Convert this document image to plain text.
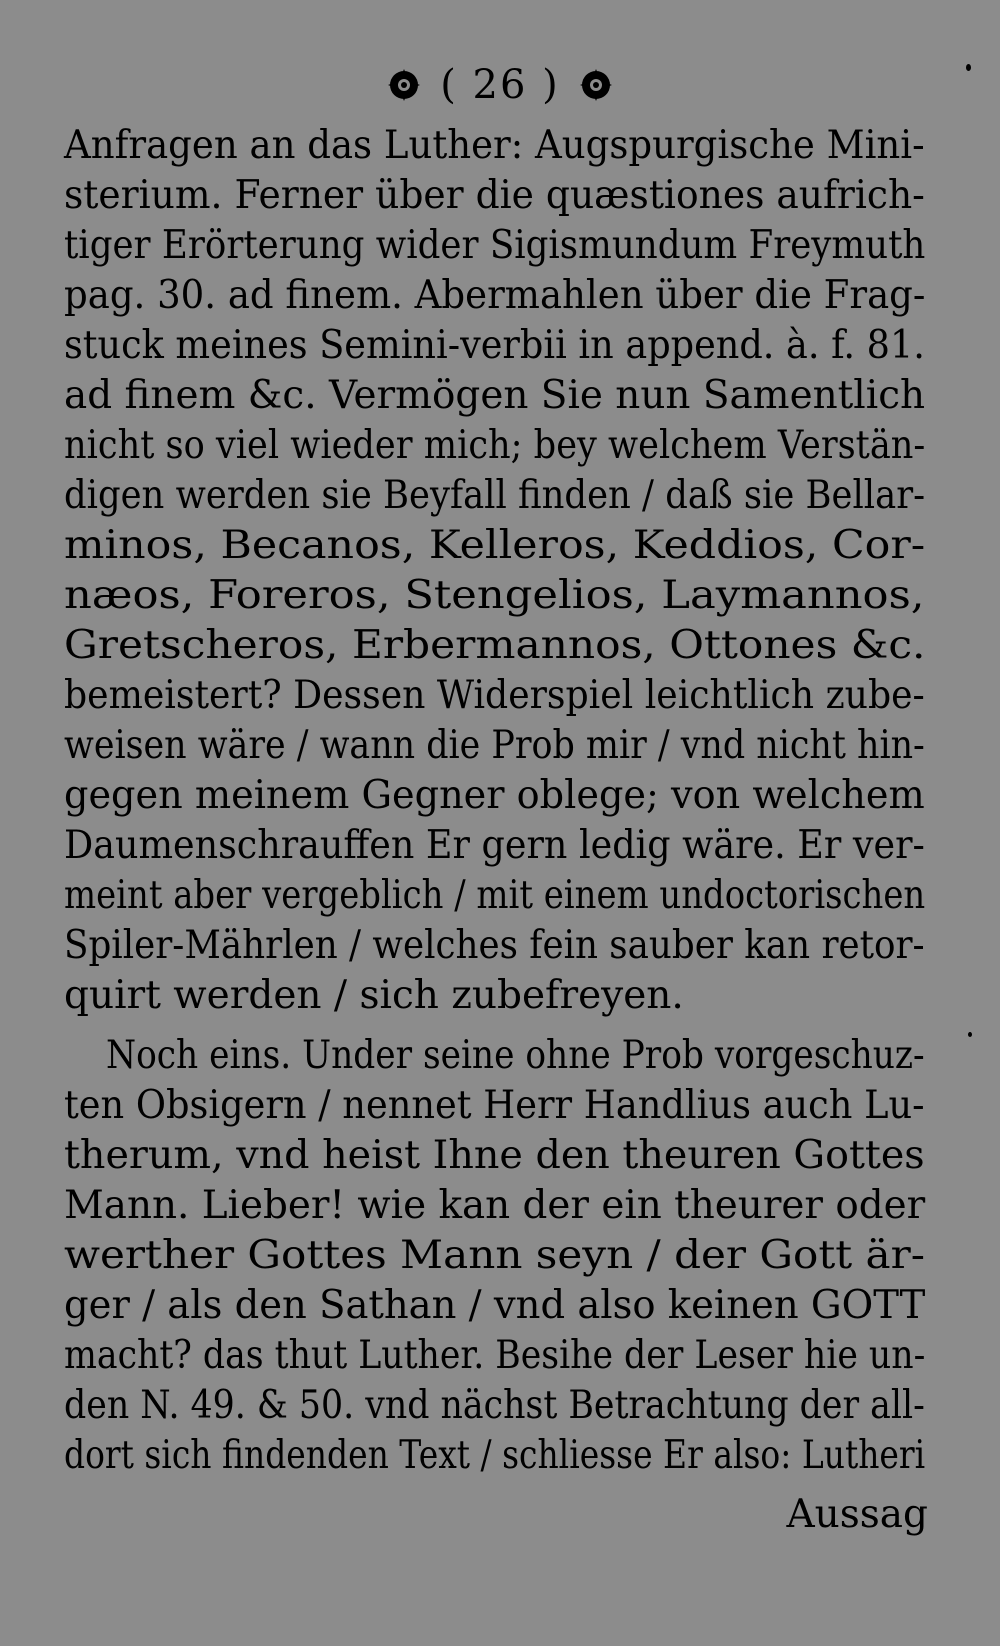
( 26 )
Anfragen an das Luther: Augspurgische Mini-
sterium. Ferner über die quæstiones aufrich-
tiger Erörterung wider Sigismundum Freymuth
pag. 30. ad finem. Abermahlen über die Frag-
stuck meines Semini-verbii in append. à. f. 81.
ad finem &c. Vermögen Sie nun Samentlich
nicht so viel wieder mich; bey welchem Verstän-
digen werden sie Beyfall finden / daß sie Bellar-
minos, Becanos, Kelleros, Keddios, Cor-
næos, Foreros, Stengelios, Laymannos,
Gretscheros, Erbermannos, Ottones &c.
bemeistert? Dessen Widerspiel leichtlich zube-
weisen wäre / wann die Prob mir / vnd nicht hin-
gegen meinem Gegner oblege; von welchem
Daumenschrauffen Er gern ledig wäre. Er ver-
meint aber vergeblich / mit einem undoctorischen
Spiler-Mährlen / welches fein sauber kan retor-
quirt werden / sich zubefreyen.
Noch eins. Under seine ohne Prob vorgeschuz-
ten Obsigern / nennet Herr Handlius auch Lu-
therum, vnd heist Ihne den theuren Gottes
Mann. Lieber! wie kan der ein theurer oder
werther Gottes Mann seyn / der Gott är-
ger / als den Sathan / vnd also keinen GOTT
macht? das thut Luther. Besihe der Leser hie un-
den N. 49. & 50. vnd nächst Betrachtung der all-
dort sich findenden Text / schliesse Er also: Lutheri
Aussag
